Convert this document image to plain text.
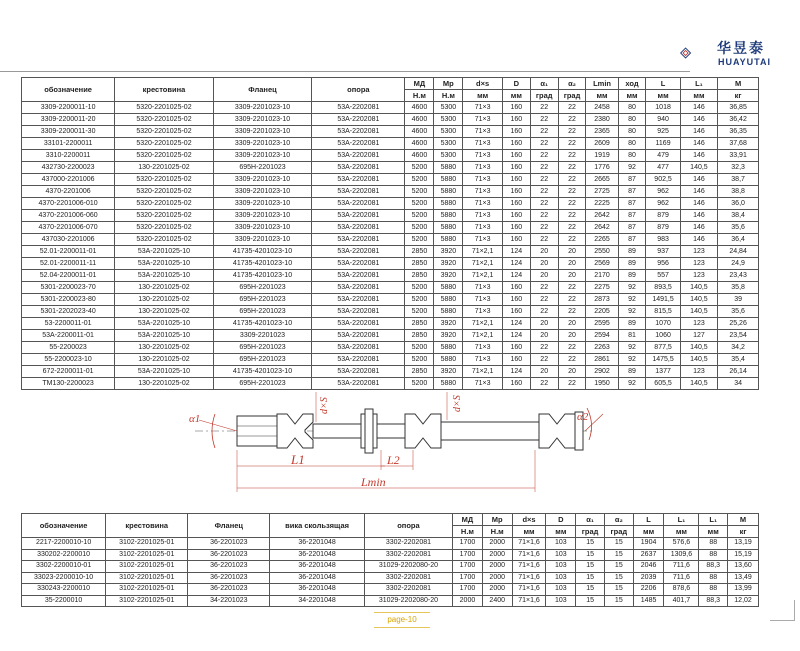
华昱泰
HUAYUTAI
обозначение	крестовина	Фланец	опора	МД	Мр	d×s	D	α₁	α₂	Lmin	ход	L	L₁	M
				Н.м	Н.м	мм	мм	град	град	мм	мм	мм	мм	кг
3309-2200011-10	5320-2201025-02	3309-2201023-10	53А-2202081	4600	5300	71×3	160	22	22	2458	80	1018	146	36,85
3309-2200011-20	5320-2201025-02	3309-2201023-10	53А-2202081	4600	5300	71×3	160	22	22	2380	80	940	146	36,42
3309-2200011-30	5320-2201025-02	3309-2201023-10	53А-2202081	4600	5300	71×3	160	22	22	2365	80	925	146	36,35
33101-2200011	5320-2201025-02	3309-2201023-10	53А-2202081	4600	5300	71×3	160	22	22	2609	80	1169	146	37,68
3310-2200011	5320-2201025-02	3309-2201023-10	53А-2202081	4600	5300	71×3	160	22	22	1919	80	479	146	33,91
432730-2200023	130-2201025-02	695Н-2201023	53А-2202081	5200	5880	71×3	160	22	22	1776	92	477	140,5	32,3
437000-2201006	5320-2201025-02	3309-2201023-10	53А-2202081	5200	5880	71×3	160	22	22	2665	87	902,5	146	38,7
4370-2201006	5320-2201025-02	3309-2201023-10	53А-2202081	5200	5880	71×3	160	22	22	2725	87	962	146	38,8
4370-2201006-010	5320-2201025-02	3309-2201023-10	53А-2202081	5200	5880	71×3	160	22	22	2225	87	962	146	36,0
4370-2201006-060	5320-2201025-02	3309-2201023-10	53А-2202081	5200	5880	71×3	160	22	22	2642	87	879	146	38,4
4370-2201006-070	5320-2201025-02	3309-2201023-10	53А-2202081	5200	5880	71×3	160	22	22	2642	87	879	146	35,6
437030-2201006	5320-2201025-02	3309-2201023-10	53А-2202081	5200	5880	71×3	160	22	22	2265	87	983	146	36,4
52.01-2200011-01	53А-2201025-10	41735-4201023-10	53А-2202081	2850	3920	71×2,1	124	20	20	2550	89	937	123	24,84
52.01-2200011-11	53А-2201025-10	41735-4201023-10	53А-2202081	2850	3920	71×2,1	124	20	20	2569	89	956	123	24,9
52.04-2200011-01	53А-2201025-10	41735-4201023-10	53А-2202081	2850	3920	71×2,1	124	20	20	2170	89	557	123	23,43
5301-2200023-70	130-2201025-02	695Н-2201023	53А-2202081	5200	5880	71×3	160	22	22	2275	92	893,5	140,5	35,8
5301-2200023-80	130-2201025-02	695Н-2201023	53А-2202081	5200	5880	71×3	160	22	22	2873	92	1491,5	140,5	39
5301-2202023-40	130-2201025-02	695Н-2201023	53А-2202081	5200	5880	71×3	160	22	22	2205	92	815,5	140,5	35,6
53-2200011-01	53А-2201025-10	41735-4201023-10	53А-2202081	2850	3920	71×2,1	124	20	20	2595	89	1070	123	25,26
53А-2200011-01	53А-2201025-10	3309-2201023	53А-2202081	2850	3920	71×2,1	124	20	20	2594	81	1060	127	23,54
55-2200023	130-2201025-02	695Н-2201023	53А-2202081	5200	5880	71×3	160	22	22	2263	92	877,5	140,5	34,2
55-2200023-10	130-2201025-02	695Н-2201023	53А-2202081	5200	5880	71×3	160	22	22	2861	92	1475,5	140,5	35,4
672-2200011-01	53А-2201025-10	41735-4201023-10	53А-2202081	2850	3920	71×2,1	124	20	20	2902	89	1377	123	26,14
ТМ130-2200023	130-2201025-02	695Н-2201023	53А-2202081	5200	5880	71×3	160	22	22	1950	92	605,5	140,5	34
α1	α2
d×S	d×S
L1	L2
Lmin
обозначение	крестовина	Фланец	вика скользящая	опора	МД	Мр	d×s	D	α₁	α₂	L	L₁	L₁	M
					Н.м	Н.м	мм	мм	град	град	мм	мм	мм	кг
2217-2200010-10	3102-2201025-01	36-2201023	36-2201048	3302-2202081	1700	2000	71×1,6	103	15	15	1904	576,6	88	13,19
330202-2200010	3102-2201025-01	36-2201023	36-2201048	3302-2202081	1700	2000	71×1,6	103	15	15	2637	1309,6	88	15,19
3302-2200010-01	3102-2201025-01	36-2201023	36-2201048	31029-2202080-20	1700	2000	71×1,6	103	15	15	2046	711,6	88,3	13,60
33023-2200010-10	3102-2201025-01	36-2201023	36-2201048	3302-2202081	1700	2000	71×1,6	103	15	15	2039	711,6	88	13,49
330243-2200010	3102-2201025-01	36-2201023	36-2201048	3302-2202081	1700	2000	71×1,6	103	15	15	2206	878,6	88	13,99
35-2200010	3102-2201025-01	34-2201023	34-2201048	31029-2202080-20	2000	2400	71×1,6	103	15	15	1485	401,7	88,3	12,02
page-10
